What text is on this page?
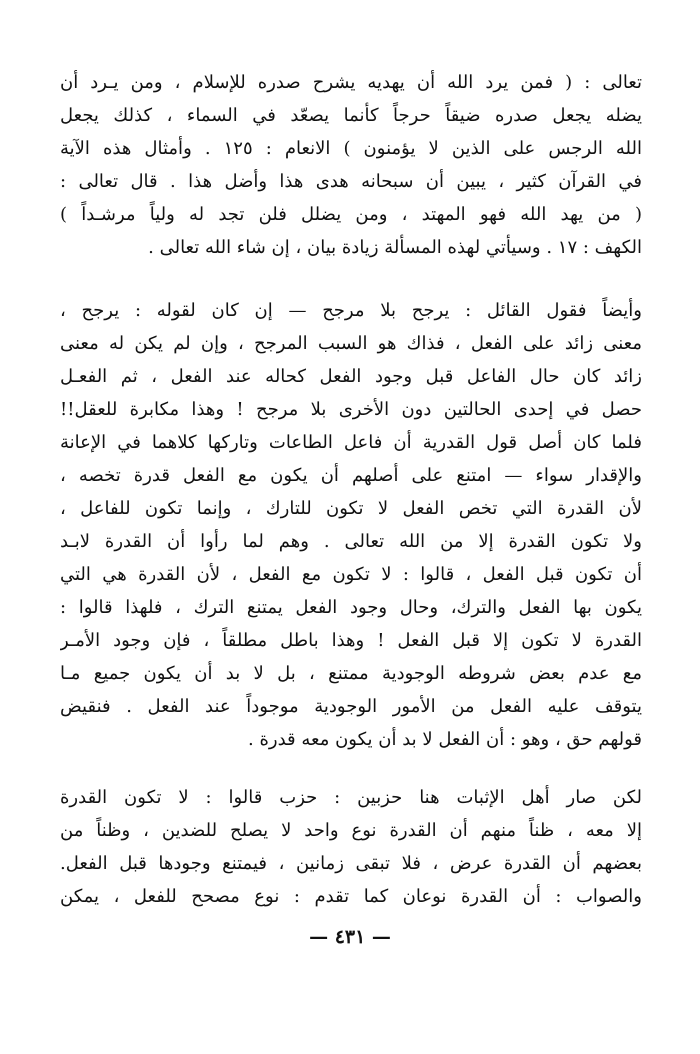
تعالى : ( فمن يرد الله أن يهديه يشرح صدره للإسلام ، ومن يـرد أن
يضله يجعل صدره ضيقاً حرجاً كأنما يصعّد في السماء ، كذلك يجعل
الله الرجس على الذين لا يؤمنون ) الانعام : ١٢٥ . وأمثال هذه الآية
في القرآن كثير ، يبين أن سبحانه هدى هذا وأضل هذا . قال تعالى :
( من يهد الله فهو المهتد ، ومن يضلل فلن تجد له ولياً مرشـداً )
الكهف : ١٧ . وسيأتي لهذه المسألة زيادة بيان ، إن شاء الله تعالى .
وأيضاً فقول القائل : يرجح بلا مرجح — إن كان لقوله : يرجح ،
معنى زائد على الفعل ، فذاك هو السبب المرجح ، وإن لم يكن له معنى
زائد كان حال الفاعل قبل وجود الفعل كحاله عند الفعل ، ثم الفعـل
حصل في إحدى الحالتين دون الأخرى بلا مرجح ! وهذا مكابرة للعقل!!
فلما كان أصل قول القدرية أن فاعل الطاعات وتاركها كلاهما في الإعانة
والإقدار سواء — امتنع على أصلهم أن يكون مع الفعل قدرة تخصه ،
لأن القدرة التي تخص الفعل لا تكون للتارك ، وإنما تكون للفاعل ،
ولا تكون القدرة إلا من الله تعالى . وهم لما رأوا أن القدرة لابـد
أن تكون قبل الفعل ، قالوا : لا تكون مع الفعل ، لأن القدرة هي التي
يكون بها الفعل والترك، وحال وجود الفعل يمتنع الترك ، فلهذا قالوا :
القدرة لا تكون إلا قبل الفعل ! وهذا باطل مطلقاً ، فإن وجود الأمـر
مع عدم بعض شروطه الوجودية ممتنع ، بل لا بد أن يكون جميع مـا
يتوقف عليه الفعل من الأمور الوجودية موجوداً عند الفعل . فنقيض
قولهم حق ، وهو : أن الفعل لا بد أن يكون معه قدرة .
لكن صار أهل الإثبات هنا حزبين : حزب قالوا : لا تكون القدرة
إلا معه ، ظناً منهم أن القدرة نوع واحد لا يصلح للضدين ، وظناً من
بعضهم أن القدرة عرض ، فلا تبقى زمانين ، فيمتنع وجودها قبل الفعل.
والصواب : أن القدرة نوعان كما تقدم : نوع مصحح للفعل ، يمكن
— ٤٣١ —
